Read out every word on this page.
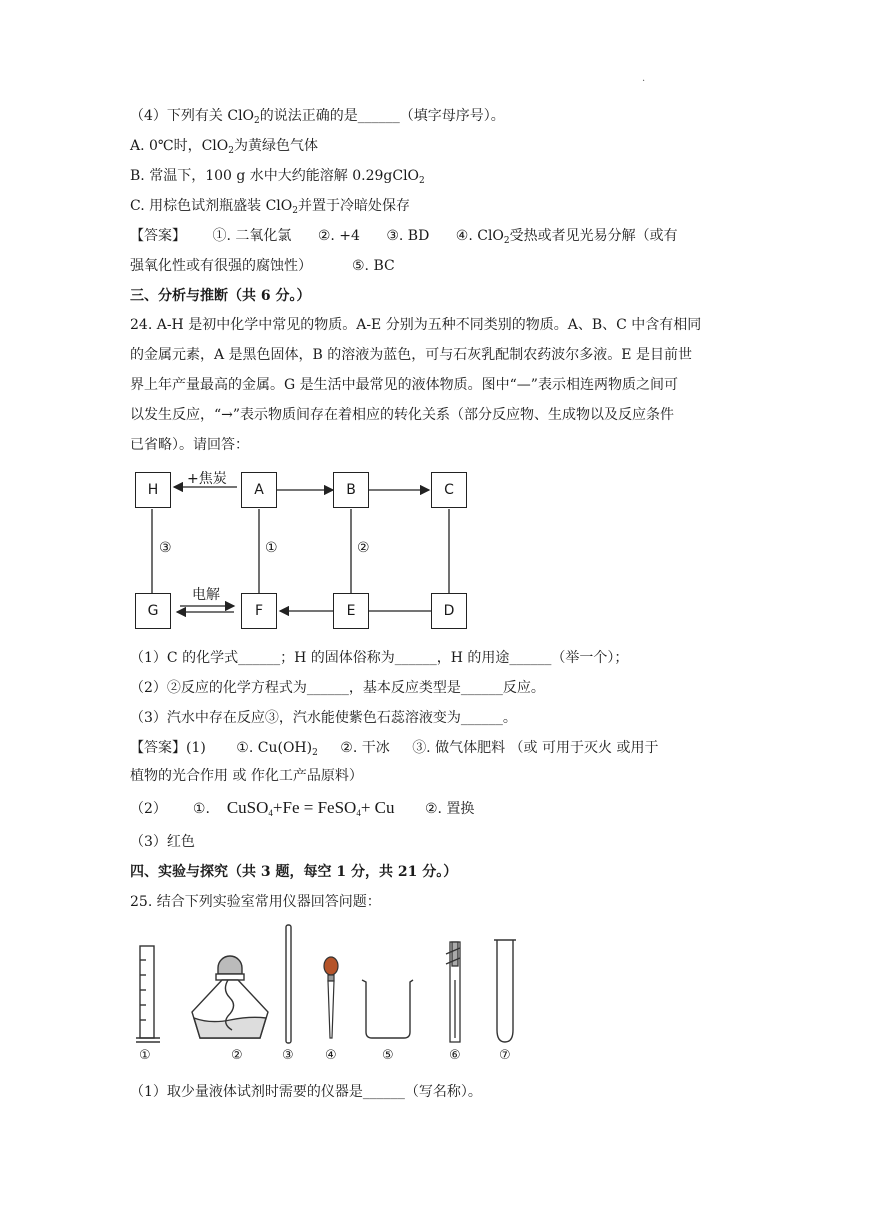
·
（4）下列有关 ClO$_2$的说法正确的是______（填字母序号）。
A. 0℃时，ClO$_2$为黄绿色气体
B. 常温下，100 g 水中大约能溶解 0.29gClO$_2$
C. 用棕色试剂瓶盛装 ClO$_2$并置于冷暗处保存
【答案】 ①. 二氧化氯 ②. +4 ③. BD ④. ClO$_2$受热或者见光易分解（或有
强氧化性或有很强的腐蚀性）	⑤. BC
三、分析与推断（共 6 分。）
24. A-H 是初中化学中常见的物质。A-E 分别为五种不同类别的物质。A、B、C 中含有相同
的金属元素，A 是黑色固体，B 的溶液为蓝色，可与石灰乳配制农药波尔多液。E 是目前世
界上年产量最高的金属。G 是生活中最常见的液体物质。图中“—”表示相连两物质之间可
以发生反应，“→”表示物质间存在着相应的转化关系（部分反应物、生成物以及反应条件
已省略）。请回答：
H	A	B	C
G	F	E	D
+焦炭
电解
③	①	②
（1）C 的化学式______；H 的固体俗称为______，H 的用途______（举一个）；
（2）②反应的化学方程式为______，基本反应类型是______反应。
（3）汽水中存在反应③，汽水能使紫色石蕊溶液变为______。
【答案】(1) ①. $Cu(OH)_2$ ②. 干冰 ③. 做气体肥料 （或 可用于灭火 或用于
植物的光合作用 或 作化工产品原料）
（2） ①. CuSO$_4$+Fe = FeSO$_4$+ Cu ②. 置换
（3）红色
四、实验与探究（共 3 题，每空 1 分，共 21 分。）
25. 结合下列实验室常用仪器回答问题：
①	②	③ ④	⑤	⑥	⑦
（1）取少量液体试剂时需要的仪器是______（写名称）。
